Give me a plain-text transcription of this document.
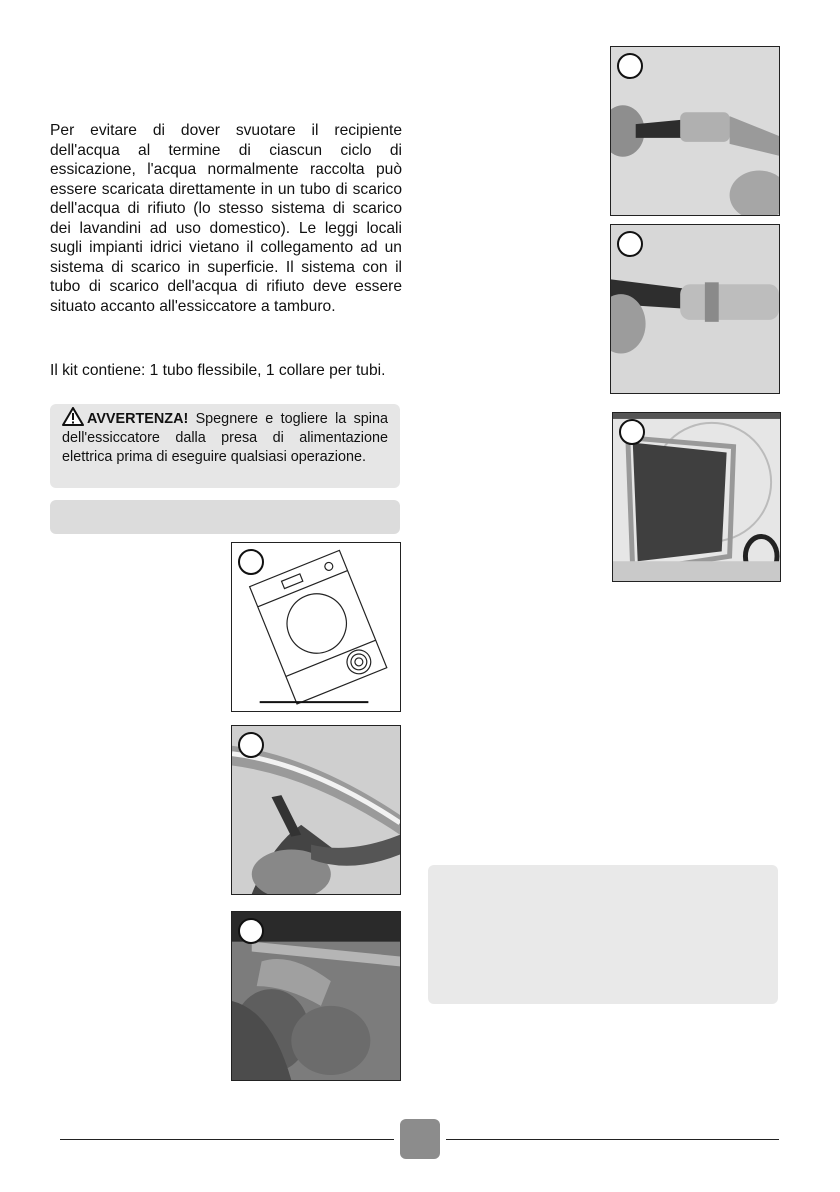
Per evitare di dover svuotare il recipiente dell'acqua al termine di ciascun ciclo di essicazione, l'acqua normalmente raccolta può essere scaricata direttamente in un tubo di scarico dell'acqua di rifiuto (lo stesso sistema di scarico dei lavandini ad uso domestico). Le leggi locali sugli impianti idrici vietano il collegamento ad un sistema di scarico in superficie. Il sistema con il tubo di scarico dell'acqua di rifiuto deve essere situato accanto all'essiccatore a tamburo.

Il kit contiene: 1 tubo flessibile, 1 collare per tubi.

AVVERTENZA! Spegnere e togliere la spina dell'essiccatore dalla presa di alimentazione elettrica prima di eseguire qualsiasi operazione.
